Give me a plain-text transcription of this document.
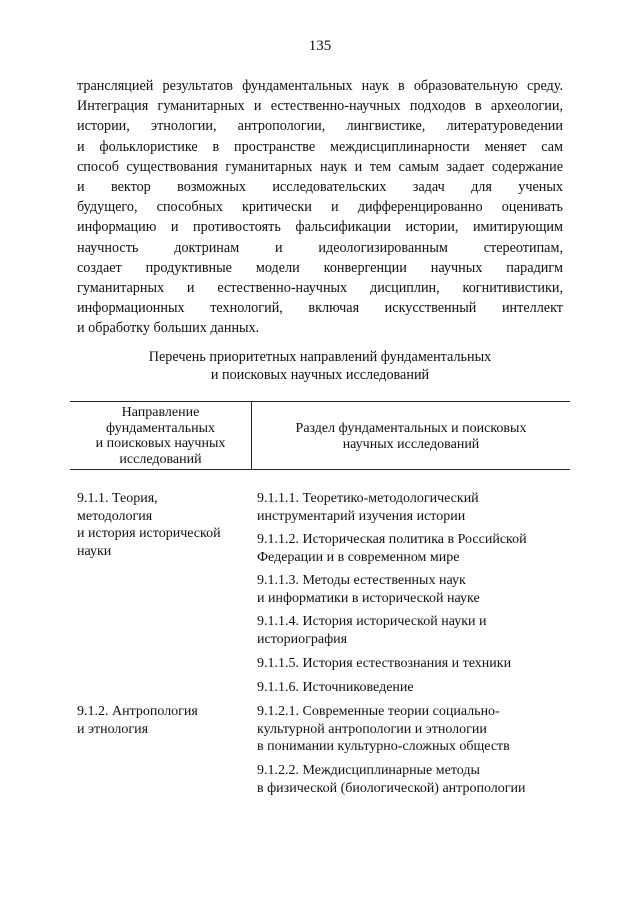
135
трансляцией результатов фундаментальных наук в образовательную среду.
Интеграция гуманитарных и естественно-научных подходов в археологии,
истории, этнологии, антропологии, лингвистике, литературоведении
и фольклористике в пространстве междисциплинарности меняет сам
способ существования гуманитарных наук и тем самым задает содержание
и вектор возможных исследовательских задач для ученых
будущего, способных критически и дифференцированно оценивать
информацию и противостоять фальсификации истории, имитирующим
научность доктринам и идеологизированным стереотипам,
создает продуктивные модели конвергенции научных парадигм
гуманитарных и естественно-научных дисциплин, когнитивистики,
информационных технологий, включая искусственный интеллект
и обработку больших данных.
Перечень приоритетных направлений фундаментальных
и поисковых научных исследований
Направление
фундаментальных
и поисковых научных
исследований
Раздел фундаментальных и поисковых
научных исследований
9.1.1. Теория,
методология
и история исторической
науки
9.1.1.1. Теоретико-методологический
инструментарий изучения истории
9.1.1.2. Историческая политика в Российской
Федерации и в современном мире
9.1.1.3. Методы естественных наук
и информатики в исторической науке
9.1.1.4. История исторической науки и
историография
9.1.1.5. История естествознания и техники
9.1.1.6. Источниковедение
9.1.2. Антропология
и этнология
9.1.2.1. Современные теории социально-
культурной антропологии и этнологии
в понимании культурно-сложных обществ
9.1.2.2. Междисциплинарные методы
в физической (биологической) антропологии
